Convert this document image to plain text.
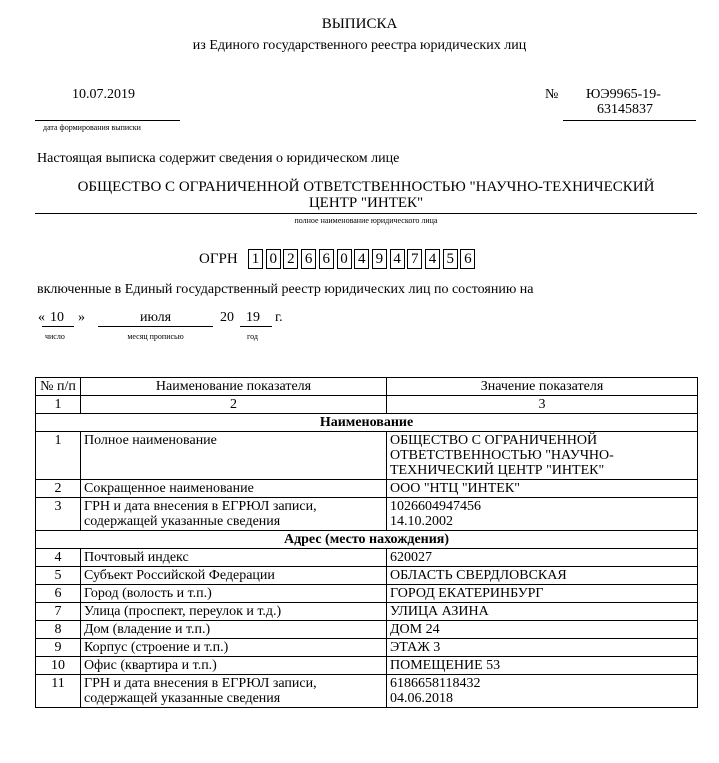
ВЫПИСКА
из Единого государственного реестра юридических лиц
10.07.2019
дата формирования выписки
№ ЮЭ9965-19-
63145837
Настоящая выписка содержит сведения о юридическом лице
ОБЩЕСТВО С ОГРАНИЧЕННОЙ ОТВЕТСТВЕННОСТЬЮ "НАУЧНО-ТЕХНИЧЕСКИЙ
ЦЕНТР "ИНТЕК"
полное наименование юридического лица
ОГРН 1 0 2 6 6 0 4 9 4 7 4 5 6
включенные в Единый государственный реестр юридических лиц по состоянию на
« 10 »
число
июля
месяц прописью
20 19 г.
год
№ п/п	Наименование показателя	Значение показателя
1	2	3
Наименование		
1	Полное наименование	ОБЩЕСТВО С ОГРАНИЧЕННОЙ ОТВЕТСТВЕННОСТЬЮ "НАУЧНО-ТЕХНИЧЕСКИЙ ЦЕНТР "ИНТЕК"
2	Сокращенное наименование	ООО "НТЦ "ИНТЕК"
3	ГРН и дата внесения в ЕГРЮЛ записи, содержащей указанные сведения	1026604947456
14.10.2002

Адрес (место нахождения)		
4	Почтовый индекс	620027
5	Субъект Российской Федерации	ОБЛАСТЬ СВЕРДЛОВСКАЯ
6	Город (волость и т.п.)	ГОРОД ЕКАТЕРИНБУРГ
7	Улица (проспект, переулок и т.д.)	УЛИЦА АЗИНА
8	Дом (владение и т.п.)	ДОМ 24
9	Корпус (строение и т.п.)	ЭТАЖ 3
10	Офис (квартира и т.п.)	ПОМЕЩЕНИЕ 53
11	ГРН и дата внесения в ЕГРЮЛ записи, содержащей указанные сведения	6186658118432
04.06.2018
